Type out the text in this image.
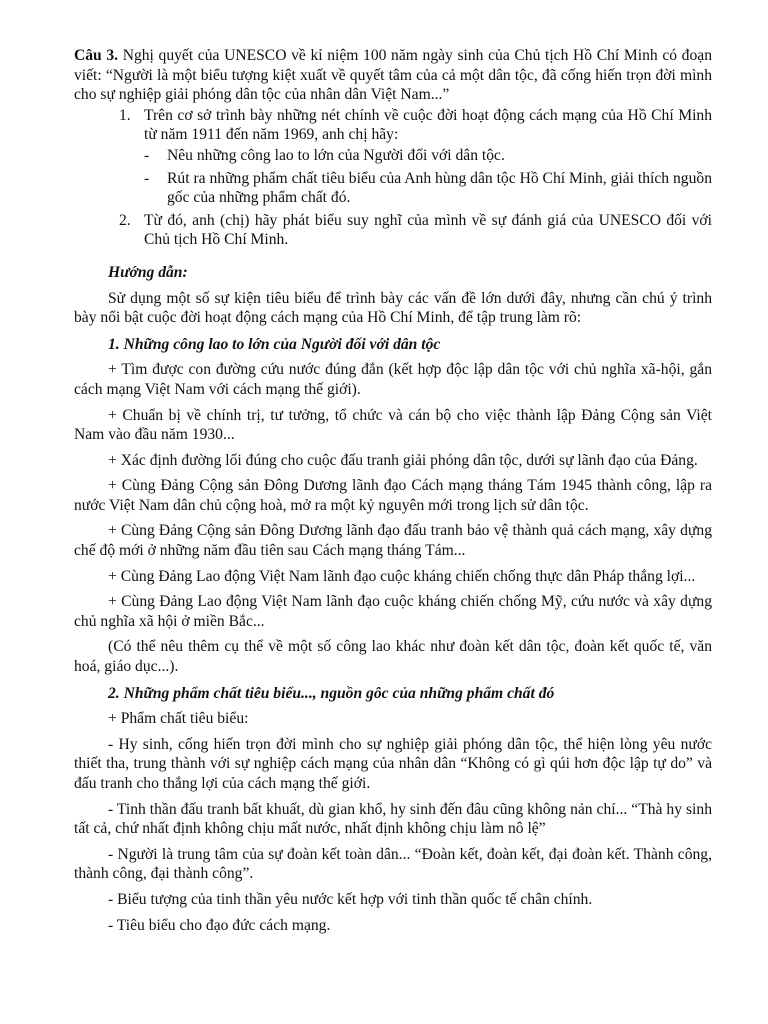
Câu 3. Nghị quyết của UNESCO về kỉ niệm 100 năm ngày sinh của Chủ tịch Hồ Chí Minh có đoạn viết: “Người là một biểu tượng kiệt xuất về quyết tâm của cả một dân tộc, đã cống hiến trọn đời mình cho sự nghiệp giải phóng dân tộc của nhân dân Việt Nam...”
1. Trên cơ sở trình bày những nét chính về cuộc đời hoạt động cách mạng của Hồ Chí Minh từ năm 1911 đến năm 1969, anh chị hãy:
- Nêu những công lao to lớn của Người đối với dân tộc.
- Rút ra những phẩm chất tiêu biểu của Anh hùng dân tộc Hồ Chí Minh, giải thích nguồn gốc của những phẩm chất đó.
2. Từ đó, anh (chị) hãy phát biểu suy nghĩ của mình về sự đánh giá của UNESCO đối với Chủ tịch Hồ Chí Minh.
Hướng dẫn:

Sử dụng một số sự kiện tiêu biểu để trình bày các vấn đề lớn dưới đây, nhưng cần chú ý trình bày nổi bật cuộc đời hoạt động cách mạng của Hồ Chí Minh, để tập trung làm rõ:

1. Những công lao to lớn của Người đối với dân tộc

+ Tìm được con đường cứu nước đúng đắn (kết hợp độc lập dân tộc với chủ nghĩa xã-hội, gắn cách mạng Việt Nam với cách mạng thế giới).

+ Chuẩn bị về chính trị, tư tưởng, tổ chức và cán bộ cho việc thành lập Đảng Cộng sản Việt Nam vào đầu năm 1930...

+ Xác định đường lối đúng cho cuộc đấu tranh giải phóng dân tộc, dưới sự lãnh đạo của Đảng.

+ Cùng Đảng Cộng sản Đông Dương lãnh đạo Cách mạng tháng Tám 1945 thành công, lập ra nước Việt Nam dân chủ cộng hoà, mở ra một kỷ nguyên mới trong lịch sử dân tộc.

+ Cùng Đảng Cộng sản Đông Dương lãnh đạo đấu tranh bảo vệ thành quả cách mạng, xây dựng chế độ mới ở những năm đầu tiên sau Cách mạng tháng Tám...

+ Cùng Đảng Lao động Việt Nam lãnh đạo cuộc kháng chiến chống thực dân Pháp thắng lợi...

+ Cùng Đảng Lao động Việt Nam lãnh đạo cuộc kháng chiến chống Mỹ, cứu nước và xây dựng chủ nghĩa xã hội ở miền Bắc...

(Có thể nêu thêm cụ thể về một số công lao khác như đoàn kết dân tộc, đoàn kết quốc tế, văn hoá, giáo dục...).

2. Những phẩm chất tiêu biểu..., nguồn gôc của những phẩm chất đó

+ Phẩm chất tiêu biểu:

- Hy sinh, cống hiến trọn đời mình cho sự nghiệp giải phóng dân tộc, thể hiện lòng yêu nước thiết tha, trung thành với sự nghiệp cách mạng của nhân dân “Không có gì qúi hơn độc lập tự do” và đấu tranh cho thắng lợi của cách mạng thế giới.

- Tinh thần đấu tranh bất khuất, dù gian khổ, hy sinh đến đâu cũng không nản chí... “Thà hy sinh tất cả, chứ nhất định không chịu mất nước, nhất định không chịu làm nô lệ”

- Người là trung tâm của sự đoàn kết toàn dân... “Đoàn kết, đoàn kết, đại đoàn kết. Thành công, thành công, đại thành công”.

- Biểu tượng của tinh thần yêu nước kết hợp với tinh thần quốc tế chân chính.

- Tiêu biểu cho đạo đức cách mạng.
